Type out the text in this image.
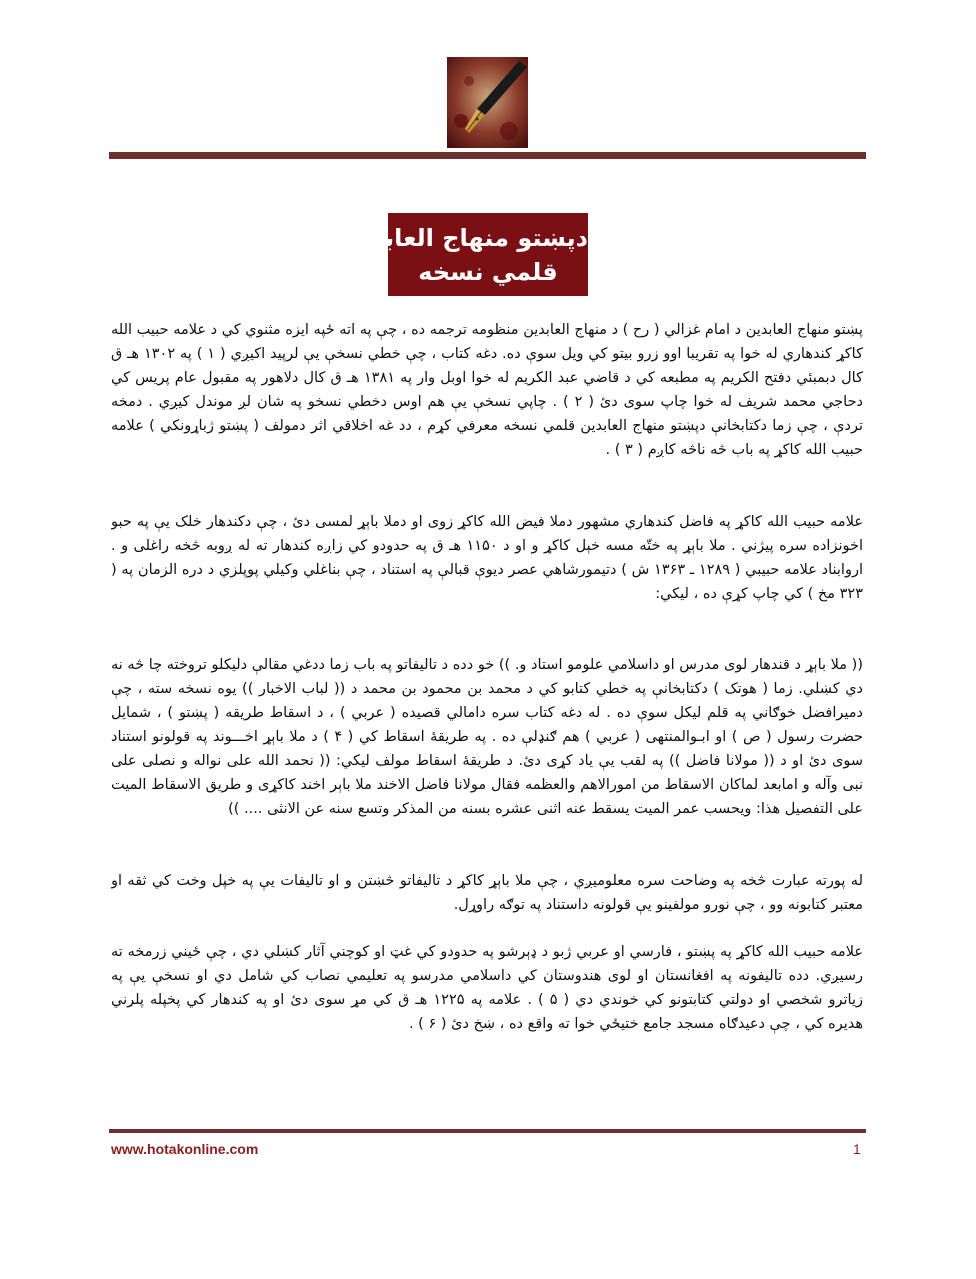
دپښتو منهاج العابدين
قلمي نسخه

پښتو منهاج العابدين د امام غزالي ( رح ) د منهاج العابدين منظومه ترجمه ده ، چې په اته ځپه ایزه مثنوي کي د علامه حبیب الله کاکړ کندهاري له خوا په تقریبا اوو زرو بیتو کي ویل سوې ده. دغه کتاب ، چې خطي نسخې یې لرپيد اکیږي ( ۱ ) په ۱۳۰۲ هـ ق کال دبمبئي دفتح الکریم په مطبعه کي د قاضي عبد الکریم له خوا اوبل وار په ۱۳۸۱ هـ ق کال دلاهور په مقبول عام پریس کي دحاجي محمد شریف له خوا چاپ سوی دئ ( ۲ ) . چاپي نسخې یې هم اوس دخطي نسخو په شان لږ موندل کیږي . دمخه تردې ، چې زما دکتابخانې دپښتو منهاج العابدين قلمي نسخه معرفي کړم ، دد غه اخلاقي اثر دمولف ( پښتو ژباړونکي ) علامه حبیب الله کاکړ په باب څه ناڅه کاږم ( ۳ ) .

علامه حبیب الله کاکړ په فاضل کندهاري مشهور دملا فیض الله کاکړ زوی او دملا باېړ لمسی دئ ، چې دکندهار خلک یې په حبو اخونزاده سره پیژني . ملا باېړ په ختّه مسه خېل کاکړ و او د ۱۱۵۰ هـ ق په حدودو کي زاږه کندهار ته له ږوبه څخه راغلی و . اروابناد علامه حبیبي ( ۱۲۸۹ ـ ۱۳۶۳ ش ) دتیمورشاهي عصر دیوې قبالې په استناد ، چې بناغلي وکیلي پوپلزي د دره الزمان په ( ۳۲۳ مخ ) کي چاپ کړې ده ، لیکي:

(( ملا باېړ د قندهار لوی مدرس او داسلامي علومو استاد و. )) خو دده د تالیفاتو په باب زما ددغي مقالې دلیکلو تروخته چا څه نه دي کښلي. زما ( هوتک ) دکتابخانې په خطي کتابو کي د محمد بن محمود بن محمد د (( لباب الاخبار )) یوه نسخه سته ، چې دمیرافضل خوګاني په قلم لیکل سوې ده . له دغه کتاب سره دامالي قصیده ( عربي ) ، د اسقاط طریقه ( پښتو ) ، شمایل حضرت رسول ( ص ) او ابـوالمنتهى ( عربي ) هم ګنډلې ده . په طریقهٔ اسقاط کي ( ۴ ) د ملا باېړ اخـــوند په قولونو استناد سوی دئ او د (( مولانا فاضل )) په لقب یې یاد کړی دئ. د طریقهٔ اسقاط مولف لیکي: (( نحمد الله على نواله و نصلى على نبى وآله و امابعد لماکان الاسقاط من امورالاهم والعظمه فقال مولانا فاضل الاخند ملا باېر اخند کاکړى و طریق الاسقاط الميت على التفصيل هذا: ویحسب عمر المیت یسقط عنه اثنى عشره بسنه من المذکر وتسع سنه عن الانثى .... ))

له پورته عبارت څخه په وضاحت سره معلومیږي ، چې ملا باېړ کاکړ د تالیفاتو څښتن و او تالیفات یې په خپل وخت کي ثقه او معتبر کتابونه وو ، چې نورو مولفینو یې قولونه داستناد په توګه راوړل.

علامه حبیب الله کاکړ په پښتو ، فارسي او عربي ژبو د ډېرشو په حدودو کي غټ او کوچني آثار کښلي دي ، چې ځیني زرمخه ته رسیږي. دده تالیفونه په افغانستان او لوی هندوستان کي داسلامي مدرسو په تعلیمي نصاب کي شامل دي او نسخې یې په زیاترو شخصي او دولتي کتابتونو کي خوندي دي ( ۵ ) . علامه په ۱۲۲۵ هـ ق کي مړ سوی دئ او په کندهار کي پخپله پلرني هدیره کي ، چې دعیدګاه مسجد جامع ختیځي خوا ته واقع ده ، ښخ دئ ( ۶ ) .

www.hotakonline.com	1
